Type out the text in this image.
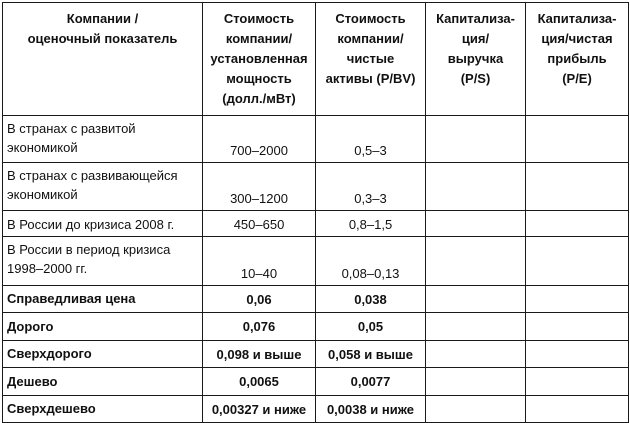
Компании /
оценочный показатель	Стоимость
компании/
установленная
мощность
(долл./мВт)	Стоимость
компании/
чистые
активы (P/BV)	Капитализа-
ция/
выручка
(P/S)	Капитализа-
ция/чистая
прибыль
(P/E)
В странах с развитой экономикой	700–2000	0,5–3		
В странах с развивающейся экономикой	300–1200	0,3–3		
В России до кризиса 2008 г.	450–650	0,8–1,5		
В России в период кризиса 1998–2000 гг.	10–40	0,08–0,13		
Справедливая цена	0,06	0,038		
Дорого	0,076	0,05		
Сверхдорого	0,098 и выше	0,058 и выше		
Дешево	0,0065	0,0077		
Сверхдешево	0,00327 и ниже	0,0038 и ниже		
